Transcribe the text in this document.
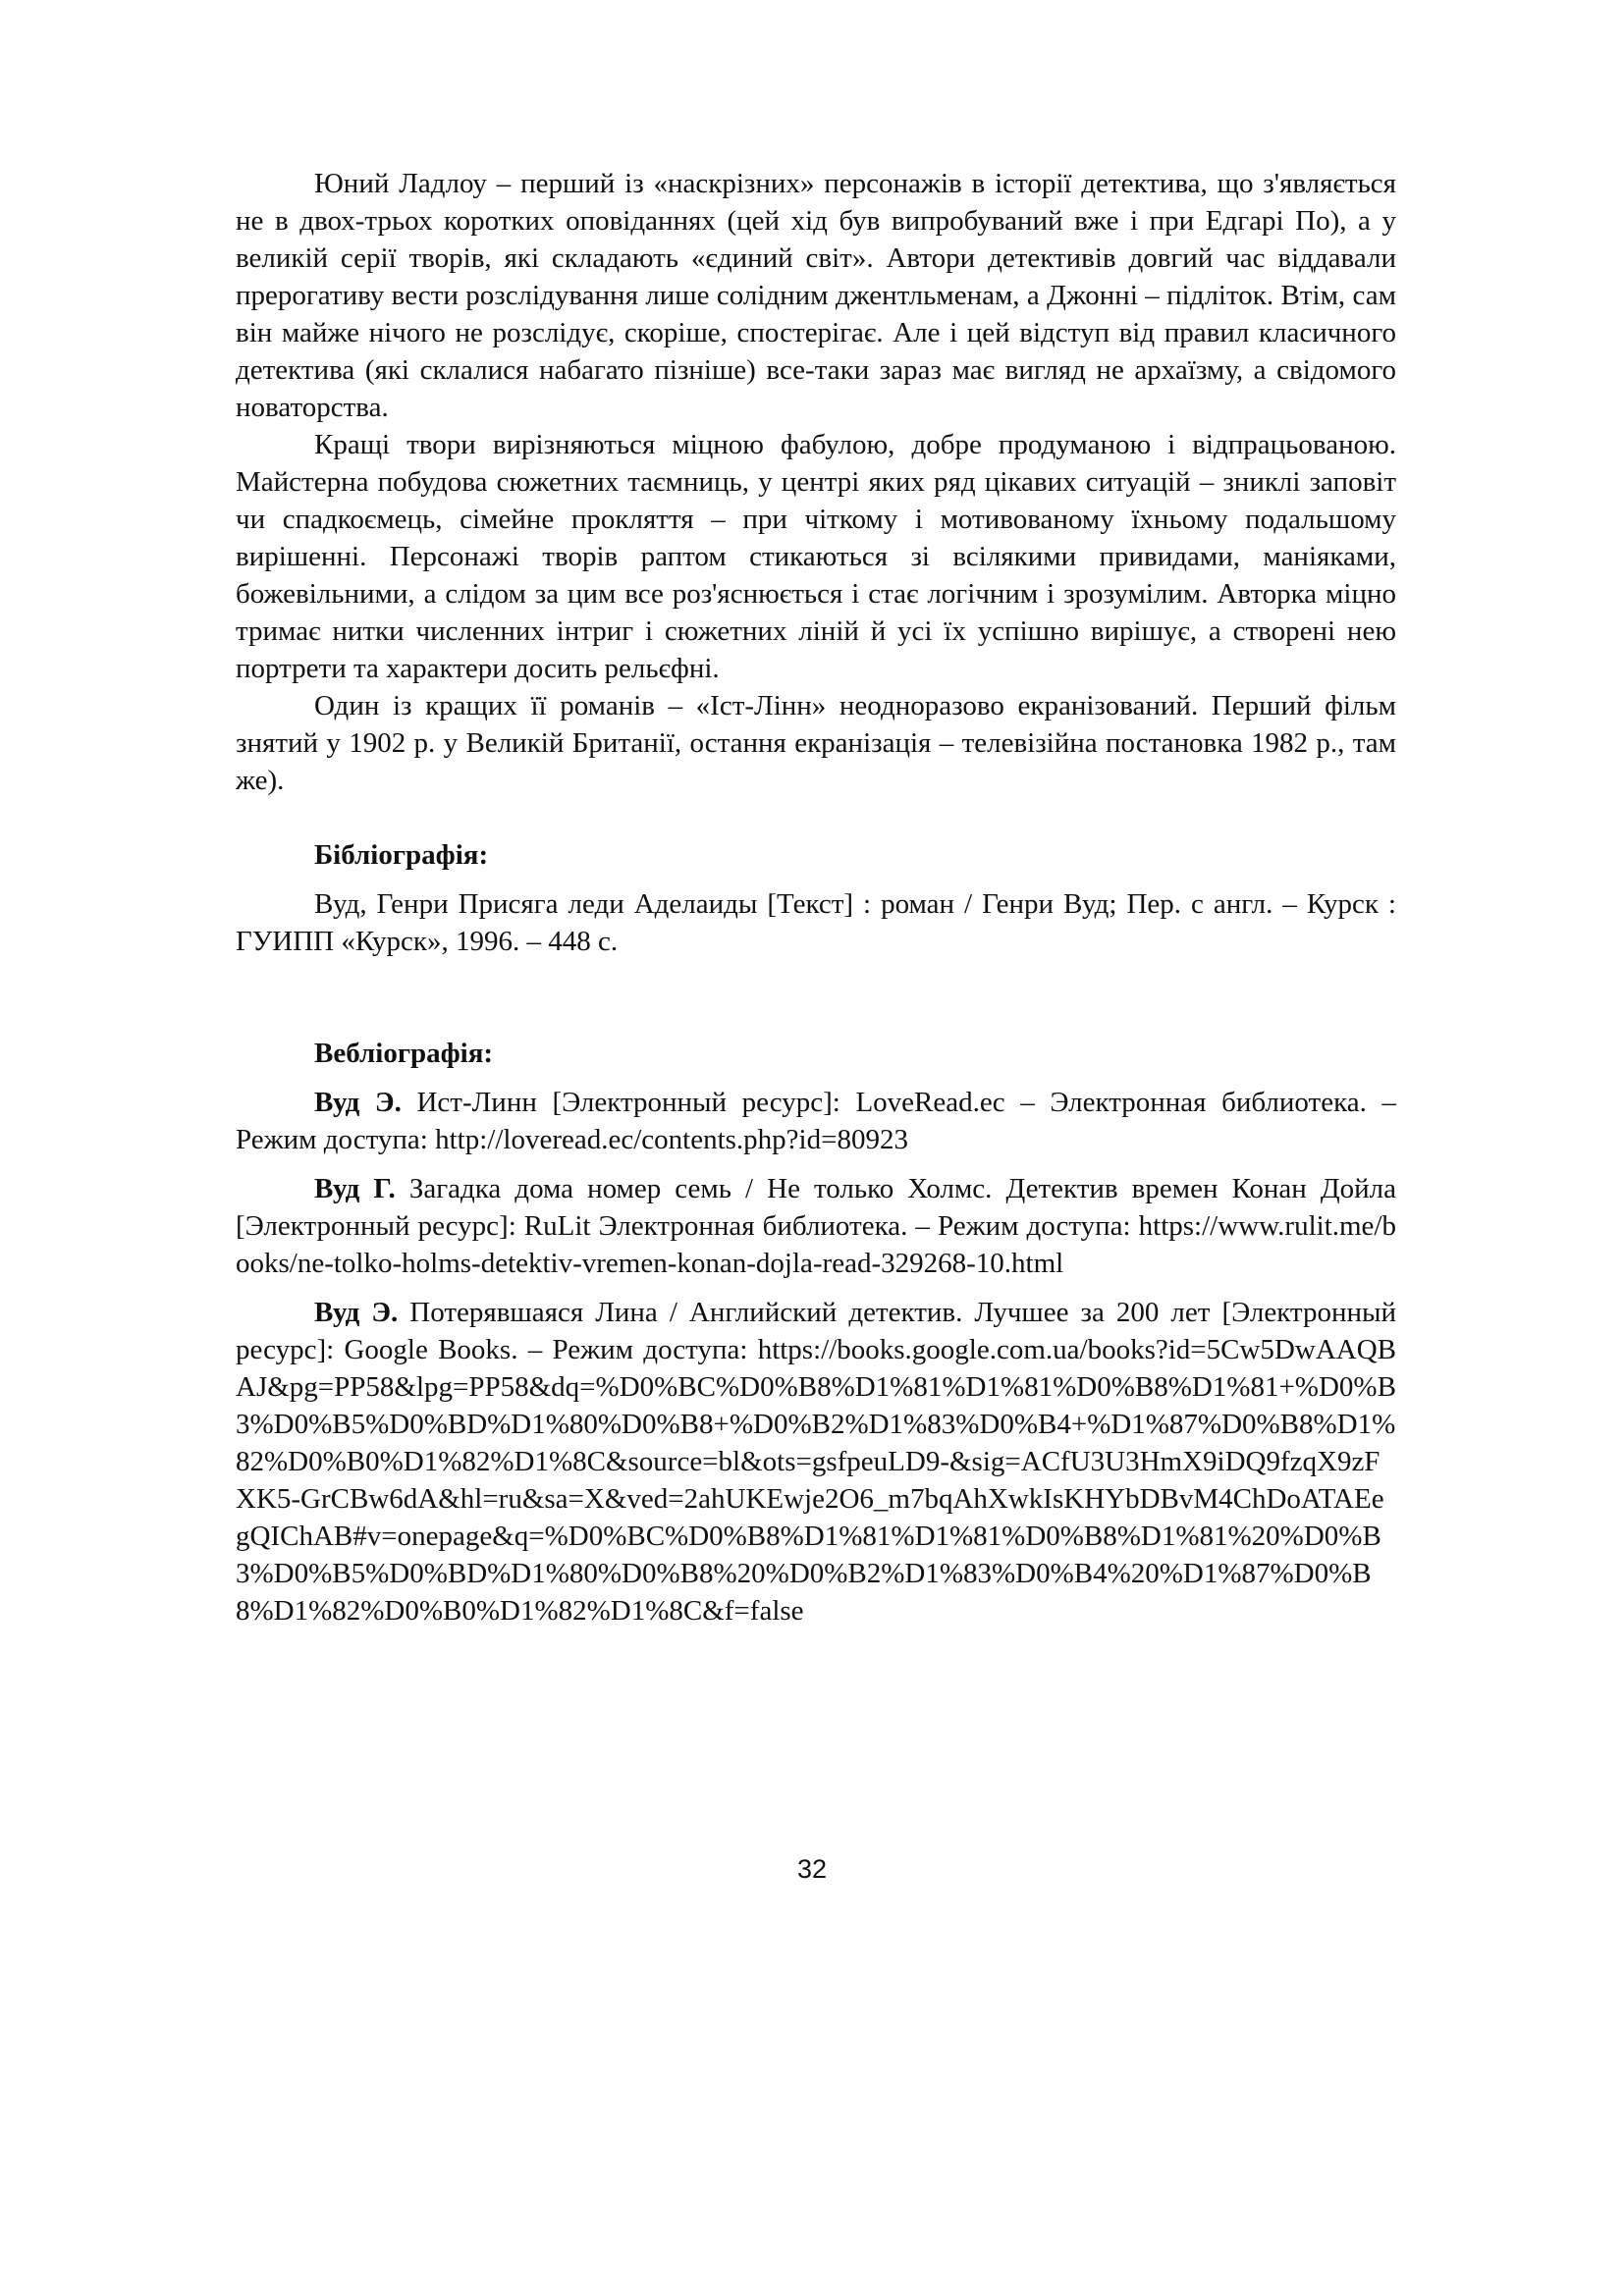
Юний Ладлоу – перший із «наскрізних» персонажів в історії детектива, що з'являється не в двох-трьох коротких оповіданнях (цей хід був випробуваний вже і при Едгарі По), а у великій серії творів, які складають «єдиний світ». Автори детективів довгий час віддавали прерогативу вести розслідування лише солідним джентльменам, а Джонні – підліток. Втім, сам він майже нічого не розслідує, скоріше, спостерігає. Але і цей відступ від правил класичного детектива (які склалися набагато пізніше) все-таки зараз має вигляд не архаїзму, а свідомого новаторства.

Кращі твори вирізняються міцною фабулою, добре продуманою і відпрацьованою. Майстерна побудова сюжетних таємниць, у центрі яких ряд цікавих ситуацій – зниклі заповіт чи спадкоємець, сімейне прокляття – при чіткому і мотивованому їхньому подальшому вирішенні. Персонажі творів раптом стикаються зі всілякими привидами, маніяками, божевільними, а слідом за цим все роз'яснюється і стає логічним і зрозумілим. Авторка міцно тримає нитки численних інтриг і сюжетних ліній й усі їх успішно вирішує, а створені нею портрети та характери досить рельєфні.

Один із кращих її романів – «Іст-Лінн» неодноразово екранізований. Перший фільм знятий у 1902 р. у Великій Британії, остання екранізація – телевізійна постановка 1982 р., там же).

Бібліографія:

Вуд, Генри Присяга леди Аделаиды [Текст] : роман / Генри Вуд; Пер. с англ. – Курск : ГУИПП «Курск», 1996. – 448 с.

Вебліографія:

Вуд Э. Ист-Линн [Электронный ресурс]: LoveRead.ec – Электронная библиотека. – Режим доступа: http://loveread.ec/contents.php?id=80923

Вуд Г. Загадка дома номер семь / Не только Холмс. Детектив времен Конан Дойла [Электронный ресурс]: RuLit Электронная библиотека. – Режим доступа: https://www.rulit.me/books/ne-tolko-holms-detektiv-vremen-konan-dojla-read-329268-10.html

Вуд Э. Потерявшаяся Лина / Английский детектив. Лучшее за 200 лет [Электронный ресурс]: Google Books. – Режим доступа: https://books.google.com.ua/books?id=5Cw5DwAAQBAJ&pg=PP58&lpg=PP58&dq=%D0%BC%D0%B8%D1%81%D1%81%D0%B8%D1%81+%D0%B3%D0%B5%D0%BD%D1%80%D0%B8+%D0%B2%D1%83%D0%B4+%D1%87%D0%B8%D1%82%D0%B0%D1%82%D1%8C&source=bl&ots=gsfpeuLD9-&sig=ACfU3U3HmX9iDQ9fzqX9zFXK5-GrCBw6dA&hl=ru&sa=X&ved=2ahUKEwje2O6_m7bqAhXwkIsKHYbDBvM4ChDoATAEegQIChAB#v=onepage&q=%D0%BC%D0%B8%D1%81%D1%81%D0%B8%D1%81%20%D0%B3%D0%B5%D0%BD%D1%80%D0%B8%20%D0%B2%D1%83%D0%B4%20%D1%87%D0%B8%D1%82%D0%B0%D1%82%D1%8C&f=false

32
